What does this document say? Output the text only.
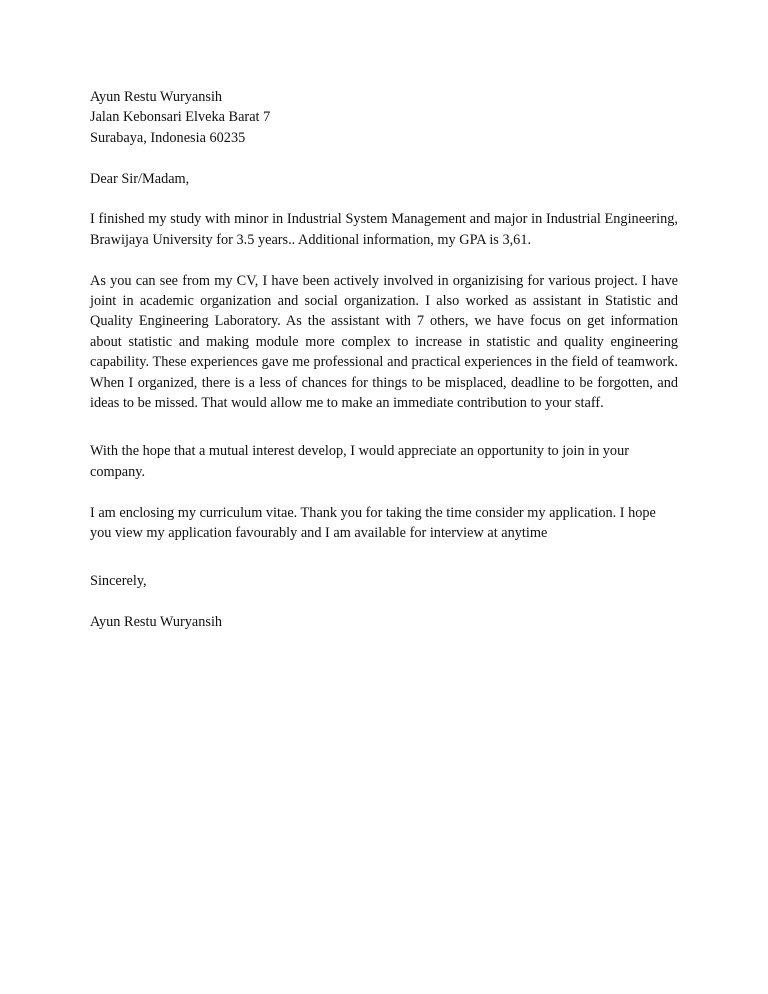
Ayun Restu Wuryansih
Jalan Kebonsari Elveka Barat 7
Surabaya, Indonesia 60235

Dear Sir/Madam,

I finished my study with minor in Industrial System Management and major in Industrial Engineering, Brawijaya University for 3.5 years.. Additional information, my GPA is 3,61.

As you can see from my CV, I have been actively involved in organizising for various project. I have joint in academic organization and social organization. I also worked as assistant in Statistic and Quality Engineering Laboratory. As the assistant with 7 others, we have focus on get information about statistic and making module more complex to increase in statistic and quality engineering capability. These experiences gave me professional and practical experiences in the field of teamwork. When I organized, there is a less of chances for things to be misplaced, deadline to be forgotten, and ideas to be missed. That would allow me to make an immediate contribution to your staff.

With the hope that a mutual interest develop, I would appreciate an opportunity to join in your company.

I am enclosing my curriculum vitae. Thank you for taking the time consider my application. I hope you view my application favourably and I am available for interview at anytime

Sincerely,

Ayun Restu Wuryansih
